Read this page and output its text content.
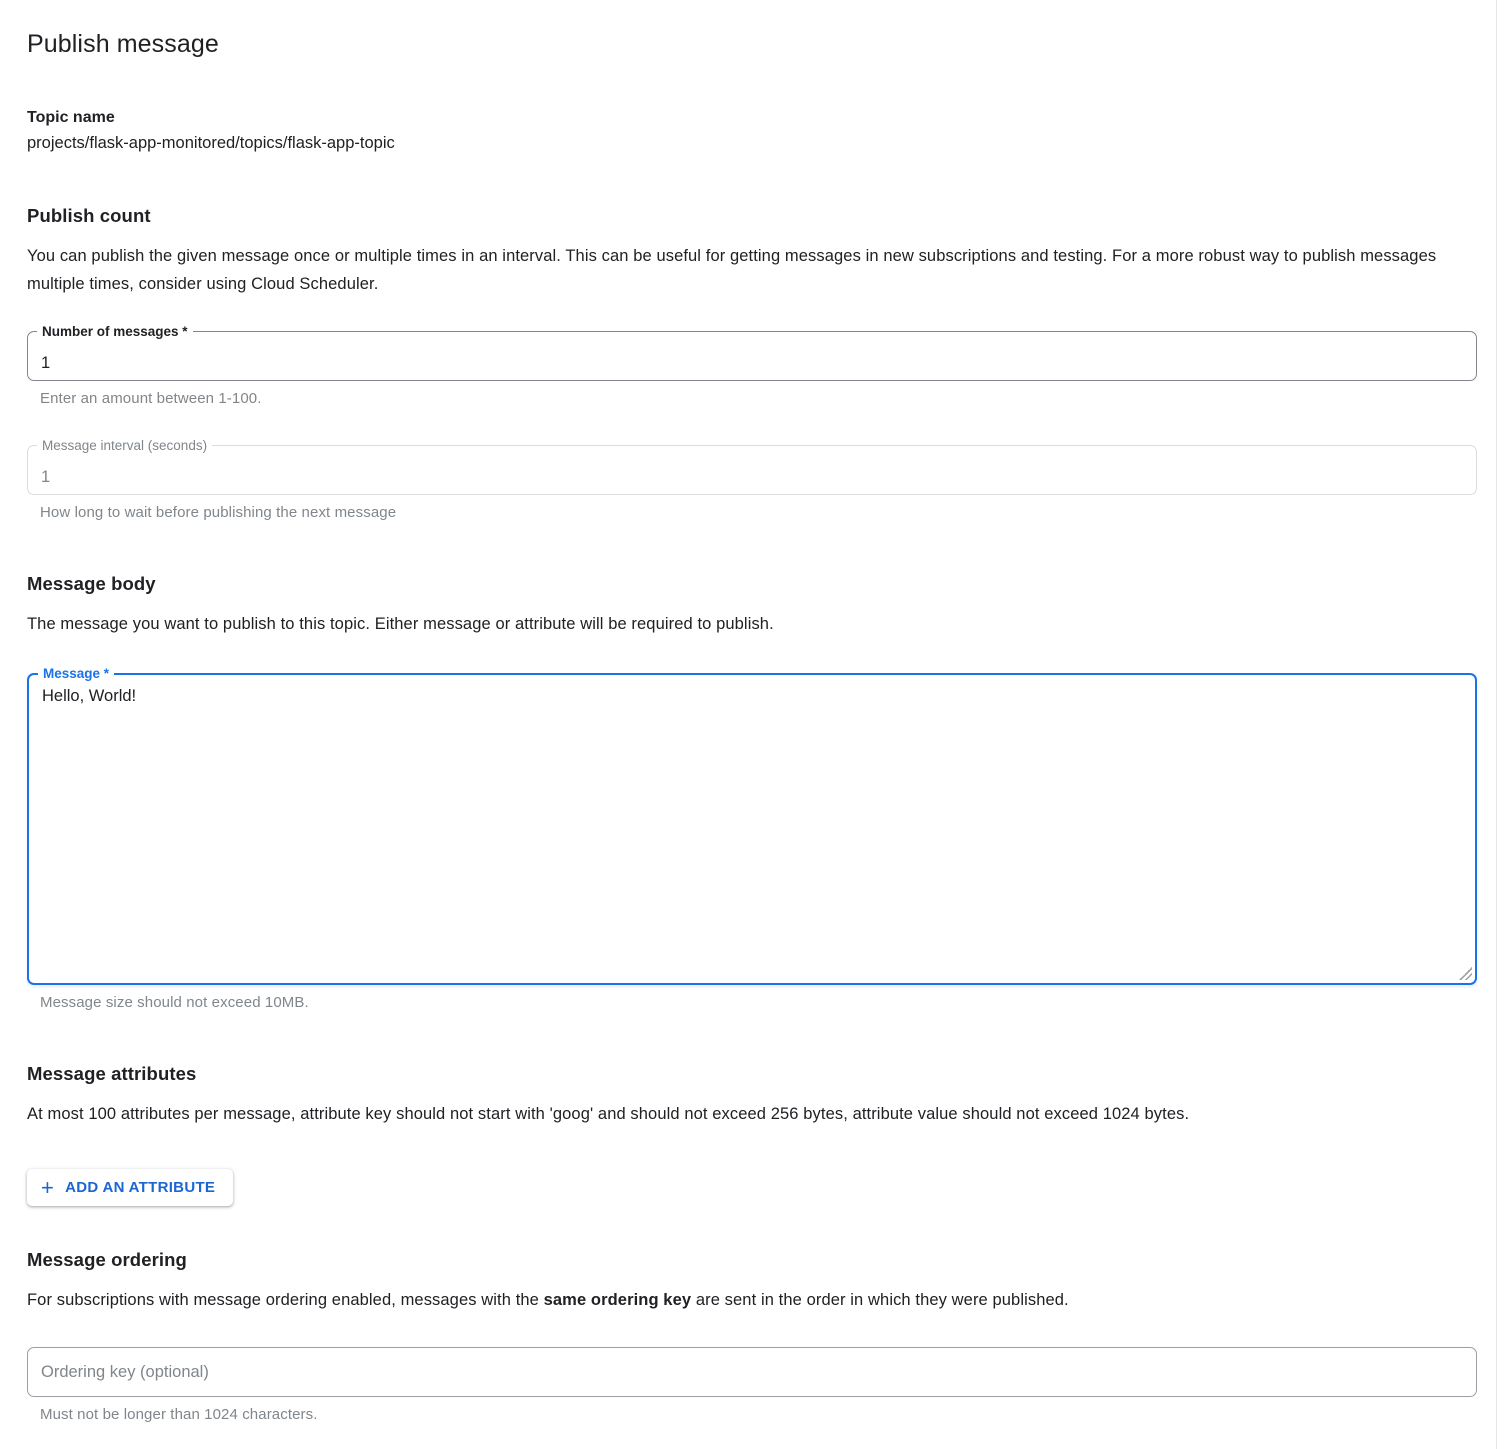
Publish message
Topic name
projects/flask-app-monitored/topics/flask-app-topic
Publish count

You can publish the given message once or multiple times in an interval. This can be useful for getting messages in new subscriptions and testing. For a more robust way to publish messages multiple times, consider using Cloud Scheduler.

Number of messages *
1
Enter an amount between 1-100.
Message interval (seconds)
1
How long to wait before publishing the next message
Message body

The message you want to publish to this topic. Either message or attribute will be required to publish.

Message *
Hello, World!
Message size should not exceed 10MB.
Message attributes

At most 100 attributes per message, attribute key should not start with 'goog' and should not exceed 256 bytes, attribute value should not exceed 1024 bytes.

+ ADD AN ATTRIBUTE
Message ordering

For subscriptions with message ordering enabled, messages with the same ordering key are sent in the order in which they were published.

Ordering key (optional)
Must not be longer than 1024 characters.
